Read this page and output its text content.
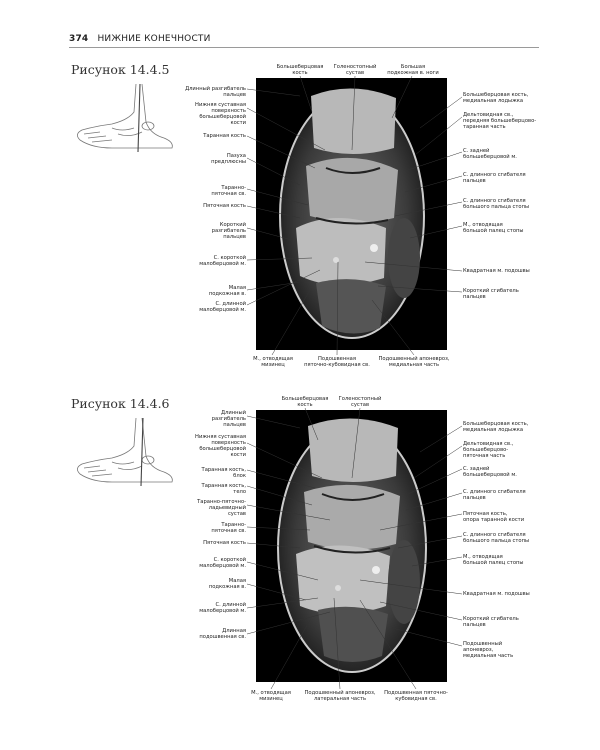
374 НИЖНИЕ КОНЕЧНОСТИ
Рисунок 14.4.5	Большеберцовая
кость
Голеностопный
сустав
Большая
подкожная в. ноги
Длинный разгибатель
пальцев
Нижняя суставная
поверхность
большеберцовой
кости
Таранная кость
Пазуха
предплюсны
Таранно-
пяточная св.
Пяточная кость
Короткий
разгибатель
пальцев
С. короткой
малоберцовой м.
Малая
подкожная в.
С. длинной
малоберцовой м.
Большеберцовая кость,
медиальная лодыжка
Дельтовидная св.,
передняя большеберцово-
таранная часть
С. задней
большеберцовой м.
С. длинного сгибателя
пальцев
С. длинного сгибателя
большого пальца стопы
М., отводящая
большой палец стопы
Квадратная м. подошвы
Короткий сгибатель
пальцев
М., отводящая
мизинец
Подошвенная
пяточно-кубовидная св.
Подошвенный апоневроз,
медиальная часть
Рисунок 14.4.6	Большеберцовая
кость
Голеностопный
сустав
Длинный
разгибатель
пальцев
Нижняя суставная
поверхность
большеберцовой
кости
Таранная кость,
блок
Таранная кость,
тело
Таранно-пяточно-
ладьевидный
сустав
Таранно-
пяточная св.
Пяточная кость
С. короткой
малоберцовой м.
Малая
подкожная в.
С. длинной
малоберцовой м.
Длинная
подошвенная св.
Большеберцовая кость,
медиальная лодыжка
Дельтовидная св.,
большеберцово-
пяточная часть
С. задней
большеберцовой м.
С. длинного сгибателя
пальцев
Пяточная кость,
опора таранной кости
С. длинного сгибателя
большого пальца стопы
М., отводящая
большой палец стопы
Квадратная м. подошвы
Короткий сгибатель
пальцев
Подошвенный
апоневроз,
медиальная часть
М., отводящая
мизинец
Подошвенный апоневроз,
латеральная часть
Подошвенная пяточно-
кубовидная св.
